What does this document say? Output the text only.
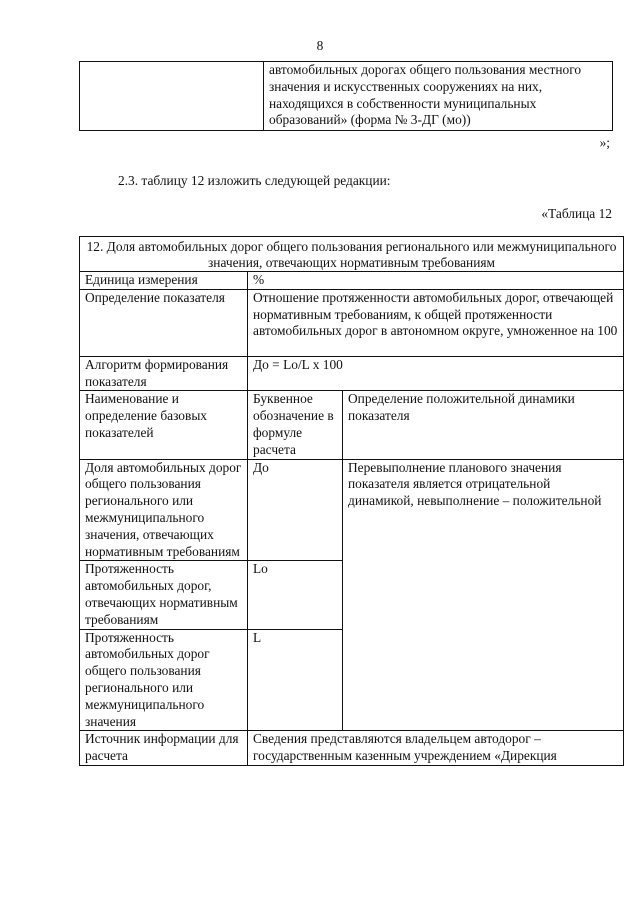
8
	автомобильных дорогах общего пользования местного значения и искусственных сооружениях на них, находящихся в собственности муниципальных образований» (форма № 3-ДГ (мо))
»;
2.3. таблицу 12 изложить следующей редакции:
«Таблица 12
12. Доля автомобильных дорог общего пользования регионального или межмуниципального значения, отвечающих нормативным требованиям		
Единица измерения	%	
Определение показателя	Отношение протяженности автомобильных дорог, отвечающей нормативным требованиям, к общей протяженности автомобильных дорог в автономном округе, умноженное на 100	
Алгоритм формирования показателя	До = Lo/L х 100	
Наименование и определение базовых показателей	Буквенное обозначение в формуле расчета	Определение положительной динамики показателя
Доля автомобильных дорог общего пользования регионального или межмуниципального значения, отвечающих нормативным требованиям	До	Перевыполнение планового значения показателя является отрицательной динамикой, невыполнение – положительной
Протяженность автомобильных дорог, отвечающих нормативным требованиям	Lo	
Протяженность автомобильных дорог общего пользования регионального или межмуниципального значения	L	
Источник информации для расчета	Сведения представляются владельцем автодорог – государственным казенным учреждением «Дирекция	
